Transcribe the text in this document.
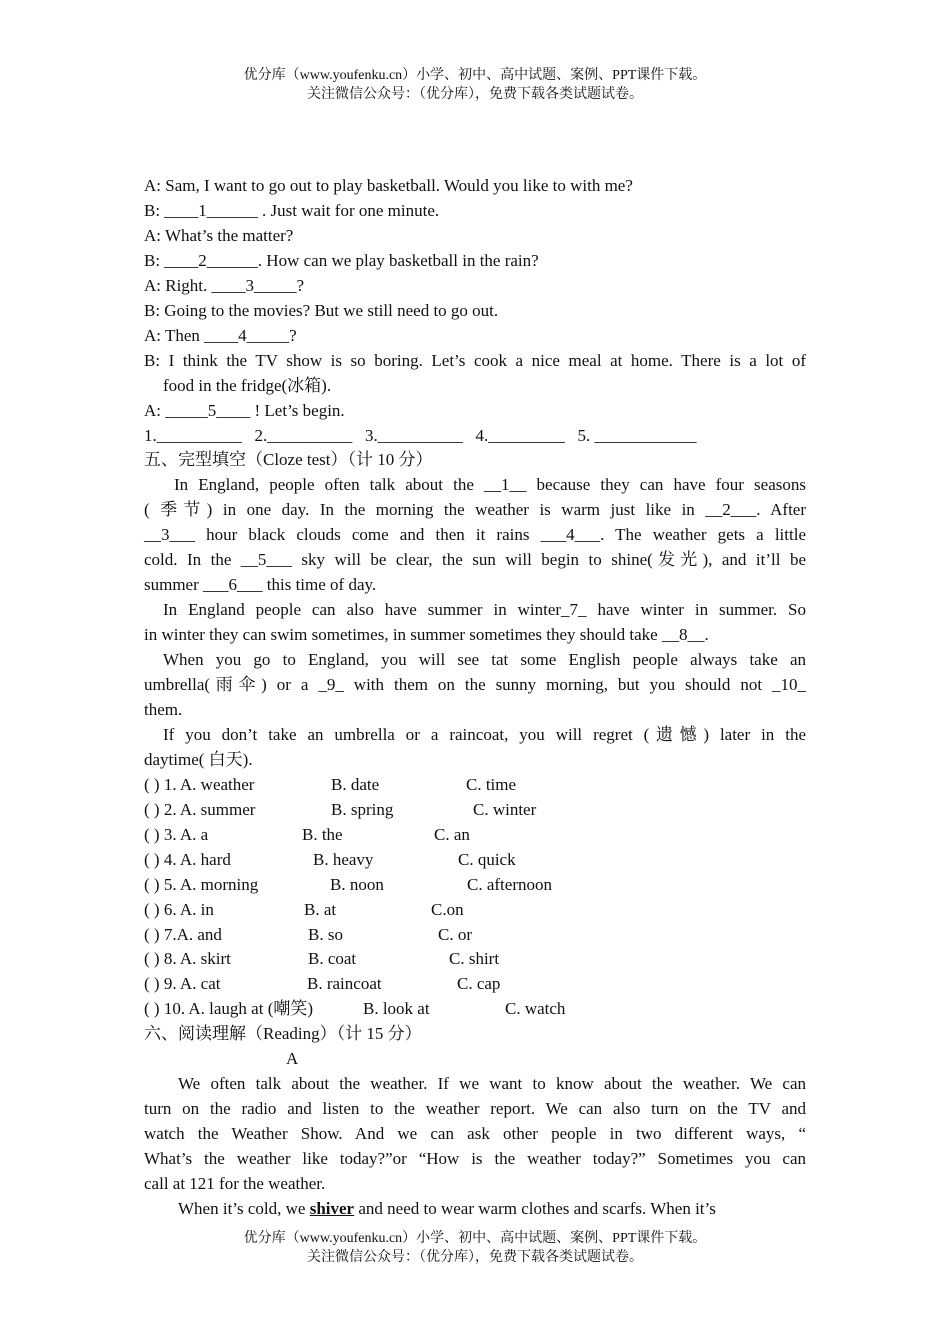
优分库（www.youfenku.cn）小学、初中、高中试题、案例、PPT课件下载。
关注微信公众号：（优分库），免费下载各类试题试卷。
A: Sam, I want to go out to play basketball. Would you like to with me?
B: ____1______ . Just wait for one minute.
A: What’s the matter?
B: ____2______. How can we play basketball in the rain?
A: Right. ____3_____?
B: Going to the movies? But we still need to go out.
A: Then ____4_____?
B: I think the TV show is so boring. Let’s cook a nice meal at home. There is a lot of
food in the fridge(冰箱).
A: _____5____ ! Let’s begin.
1.__________   2.__________   3.__________   4._________   5. ____________
五、完型填空（Cloze test）（计 10 分）
In England, people often talk about the __1__ because they can have four seasons
( 季节) in one day. In the morning the weather is warm just like in __2___. After
__3___ hour black clouds come and then it rains ___4___. The weather gets a little
cold. In the __5___ sky will be clear, the sun will begin to shine(发光), and it’ll be
summer ___6___ this time of day.
In England people can also have summer in winter_7_ have winter in summer. So
in winter they can swim sometimes, in summer sometimes they should take __8__.
When you go to England, you will see tat some English people always take an
umbrella(雨伞) or a _9_ with them on the sunny morning, but you should not _10_
them.
If you don’t take an umbrella or a raincoat, you will regret (遗憾) later in the
daytime( 白天).
( ) 1. A. weather	B. date	C. time
( ) 2. A. summer	B. spring	C. winter
( ) 3. A. a	B. the	C. an
( ) 4. A. hard	B. heavy	C. quick
( ) 5. A. morning	B. noon	C. afternoon
( ) 6. A. in	B. at	C.on
( ) 7.A. and	B. so	C. or
( ) 8. A. skirt	B. coat	C. shirt
( ) 9. A. cat	B. raincoat	C. cap
( ) 10. A. laugh at (嘲笑)	B. look at	C. watch
六、阅读理解（Reading）（计 15 分）
A
We often talk about the weather. If we want to know about the weather. We can
turn on the radio and listen to the weather report. We can also turn on the TV and
watch the Weather Show. And we can ask other people in two different ways, “
What’s the weather like today?”or “How is the weather today?” Sometimes you can
call at 121 for the weather.
When it’s cold, we shiver and need to wear warm clothes and scarfs. When it’s
优分库（www.youfenku.cn）小学、初中、高中试题、案例、PPT课件下载。
关注微信公众号：（优分库），免费下载各类试题试卷。
